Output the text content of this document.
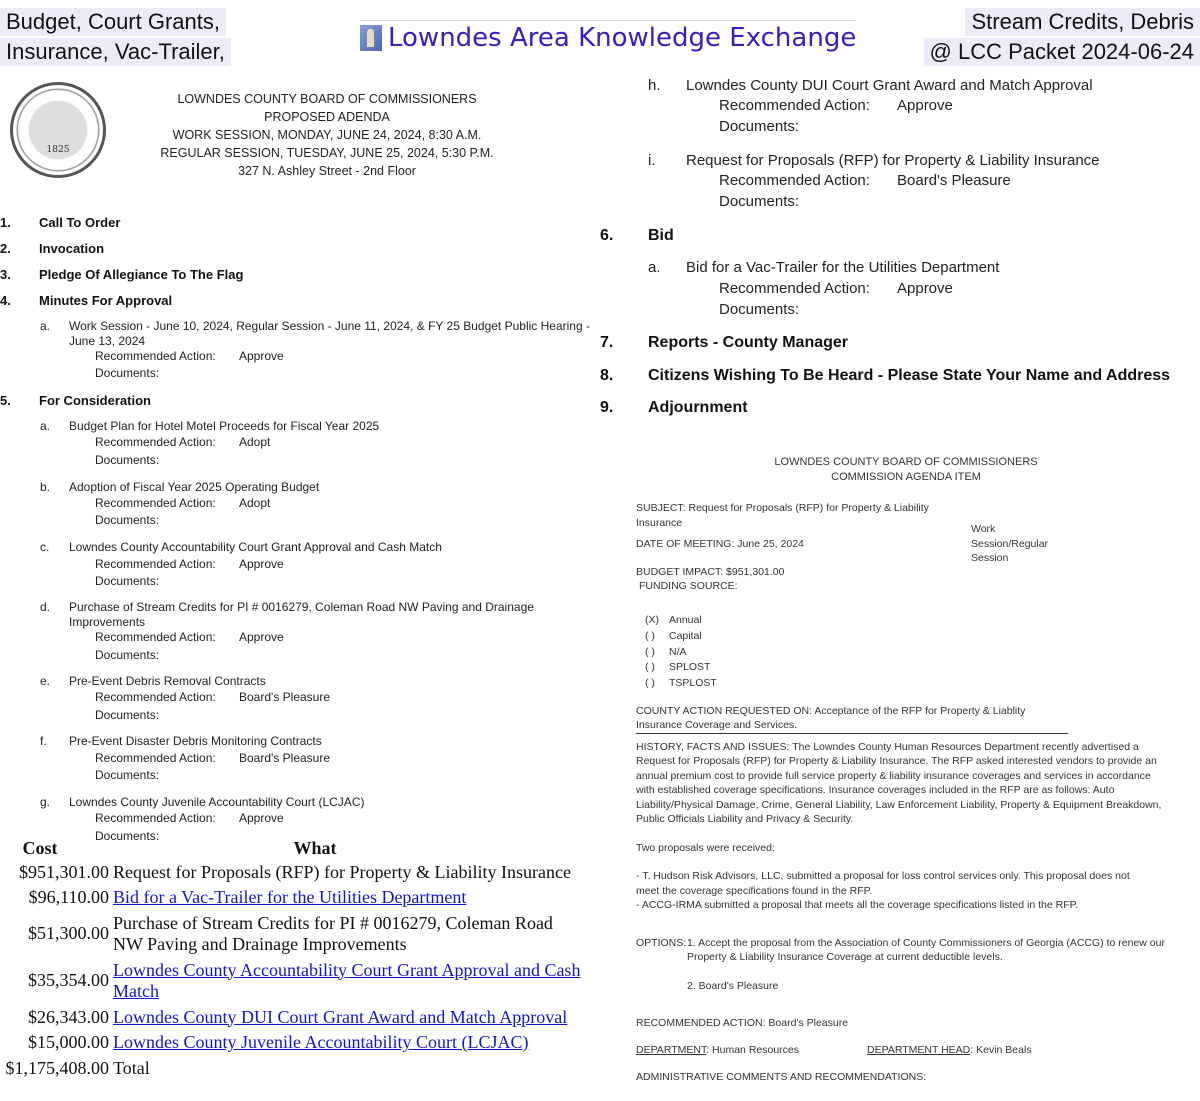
Budget, Court Grants,
Insurance, Vac-Trailer,	Lowndes Area Knowledge Exchange
Stream Credits, Debris
@ LCC Packet 2024-06-24
1825
LOWNDES COUNTY BOARD OF COMMISSIONERS
PROPOSED ADENDA
WORK SESSION, MONDAY, JUNE 24, 2024, 8:30 A.M.
REGULAR SESSION, TUESDAY, JUNE 25, 2024, 5:30 P.M.
327 N. Ashley Street - 2nd Floor
1. Call To Order
2. Invocation
3. Pledge Of Allegiance To The Flag
4. Minutes For Approval
a. Work Session - June 10, 2024, Regular Session - June 11, 2024, & FY 25 Budget Public Hearing - June 13, 2024
Recommended Action: Approve
Documents:
5. For Consideration
a. Budget Plan for Hotel Motel Proceeds for Fiscal Year 2025
Recommended Action: Adopt
Documents:
b. Adoption of Fiscal Year 2025 Operating Budget
Recommended Action: Adopt
Documents:
c. Lowndes County Accountability Court Grant Approval and Cash Match
Recommended Action: Approve
Documents:
d. Purchase of Stream Credits for PI # 0016279, Coleman Road NW Paving and Drainage Improvements
Recommended Action: Approve
Documents:
e. Pre-Event Debris Removal Contracts
Recommended Action: Board's Pleasure
Documents:
f. Pre-Event Disaster Debris Monitoring Contracts
Recommended Action: Board's Pleasure
Documents:
g. Lowndes County Juvenile Accountability Court (LCJAC)
Recommended Action: Approve
Documents:
h. Lowndes County DUI Court Grant Award and Match Approval
Recommended Action: Approve
Documents:
i. Request for Proposals (RFP) for Property & Liability Insurance
Recommended Action: Board's Pleasure
Documents:
6. Bid
a. Bid for a Vac-Trailer for the Utilities Department
Recommended Action: Approve
Documents:
7. Reports - County Manager
8. Citizens Wishing To Be Heard - Please State Your Name and Address
9. Adjournment
LOWNDES COUNTY BOARD OF COMMISSIONERS
COMMISSION AGENDA ITEM

SUBJECT: Request for Proposals (RFP) for Property & Liability Insurance

DATE OF MEETING: June 25, 2024

Work Session/Regular Session

BUDGET IMPACT: $951,301.00

FUNDING SOURCE:

(X) Annual
( ) Capital
( ) N/A
( ) SPLOST
( ) TSPLOST

COUNTY ACTION REQUESTED ON: Acceptance of the RFP for Property & Liablity Insurance Coverage and Services.

HISTORY, FACTS AND ISSUES: The Lowndes County Human Resources Department recently advertised a Request for Proposals (RFP) for Property & Liability Insurance. The RFP asked interested vendors to provide an annual premium cost to provide full service property & liability insurance coverages and services in accordance with established coverage specifications. Insurance coverages included in the RFP are as follows: Auto Liability/Physical Damage, Crime, General Liability, Law Enforcement Liability, Property & Equipment Breakdown, Public Officials Liability and Privacy & Security.

Two proposals were received:

- T. Hudson Risk Advisors, LLC, submitted a proposal for loss control services only. This proposal does not meet the coverage specifications found in the RFP.

- ACCG-IRMA submitted a proposal that meets all the coverage specifications listed in the RFP.

OPTIONS: 1. Accept the proposal from the Association of County Commissioners of Georgia (ACCG) to renew our Property & Liability Insurance Coverage at current deductible levels.

2. Board's Pleasure

RECOMMENDED ACTION: Board's Pleasure

DEPARTMENT: Human Resources	DEPARTMENT HEAD: Kevin Beals

ADMINISTRATIVE COMMENTS AND RECOMMENDATIONS:

Cost	What
$951,301.00 Request for Proposals (RFP) for Property & Liability Insurance
$96,110.00 Bid for a Vac-Trailer for the Utilities Department
$51,300.00
Purchase of Stream Credits for PI # 0016279, Coleman Road NW Paving and Drainage Improvements
$35,354.00
Lowndes County Accountability Court Grant Approval and Cash Match
$26,343.00 Lowndes County DUI Court Grant Award and Match Approval
$15,000.00 Lowndes County Juvenile Accountability Court (LCJAC)
$1,175,408.00 Total
